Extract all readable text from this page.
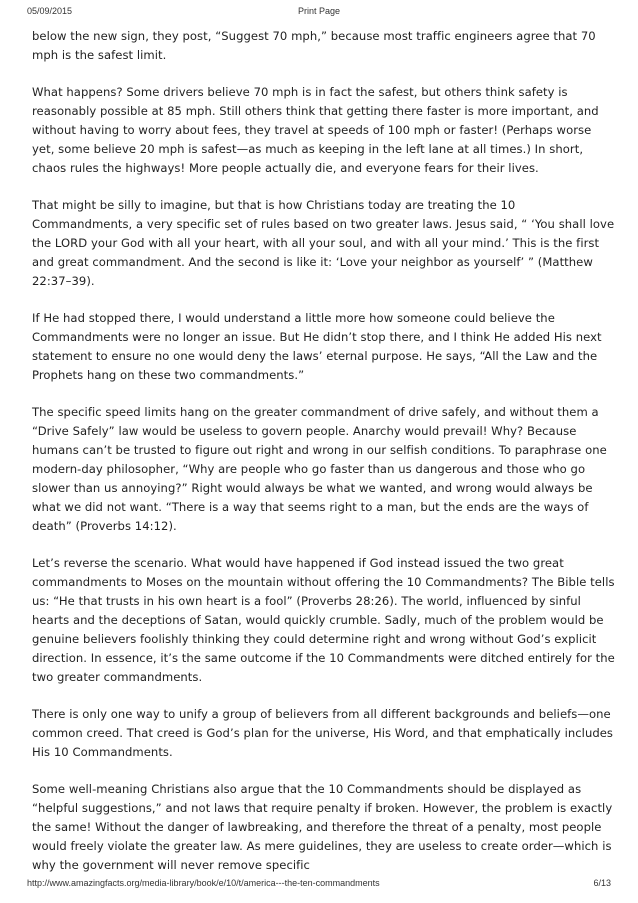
05/09/2015	Print Page

below the new sign, they post, “Suggest 70 mph,” because most traffic engineers agree that 70 mph is the safest limit.

What happens? Some drivers believe 70 mph is in fact the safest, but others think safety is reasonably possible at 85 mph. Still others think that getting there faster is more important, and without having to worry about fees, they travel at speeds of 100 mph or faster! (Perhaps worse yet, some believe 20 mph is safest—as much as keeping in the left lane at all times.) In short, chaos rules the highways! More people actually die, and everyone fears for their lives.

That might be silly to imagine, but that is how Christians today are treating the 10 Commandments, a very specific set of rules based on two greater laws. Jesus said, “ ‘You shall love the LORD your God with all your heart, with all your soul, and with all your mind.’ This is the first and great commandment. And the second is like it: ‘Love your neighbor as yourself’ ” (Matthew 22:37–39).

If He had stopped there, I would understand a little more how someone could believe the Commandments were no longer an issue. But He didn’t stop there, and I think He added His next statement to ensure no one would deny the laws’ eternal purpose. He says, “All the Law and the Prophets hang on these two commandments.”

The specific speed limits hang on the greater commandment of drive safely, and without them a “Drive Safely” law would be useless to govern people. Anarchy would prevail! Why? Because humans can’t be trusted to figure out right and wrong in our selfish conditions. To paraphrase one modern-day philosopher, “Why are people who go faster than us dangerous and those who go slower than us annoying?” Right would always be what we wanted, and wrong would always be what we did not want. “There is a way that seems right to a man, but the ends are the ways of death” (Proverbs 14:12).

Let’s reverse the scenario. What would have happened if God instead issued the two great commandments to Moses on the mountain without offering the 10 Commandments? The Bible tells us: “He that trusts in his own heart is a fool” (Proverbs 28:26). The world, influenced by sinful hearts and the deceptions of Satan, would quickly crumble. Sadly, much of the problem would be genuine believers foolishly thinking they could determine right and wrong without God’s explicit direction. In essence, it’s the same outcome if the 10 Commandments were ditched entirely for the two greater commandments.

There is only one way to unify a group of believers from all different backgrounds and beliefs—one common creed. That creed is God’s plan for the universe, His Word, and that emphatically includes His 10 Commandments.

Some well-meaning Christians also argue that the 10 Commandments should be displayed as “helpful suggestions,” and not laws that require penalty if broken. However, the problem is exactly the same! Without the danger of lawbreaking, and therefore the threat of a penalty, most people would freely violate the greater law. As mere guidelines, they are useless to create order—which is why the government will never remove specific

http://www.amazingfacts.org/media-library/book/e/10/t/america---the-ten-commandments	6/13
